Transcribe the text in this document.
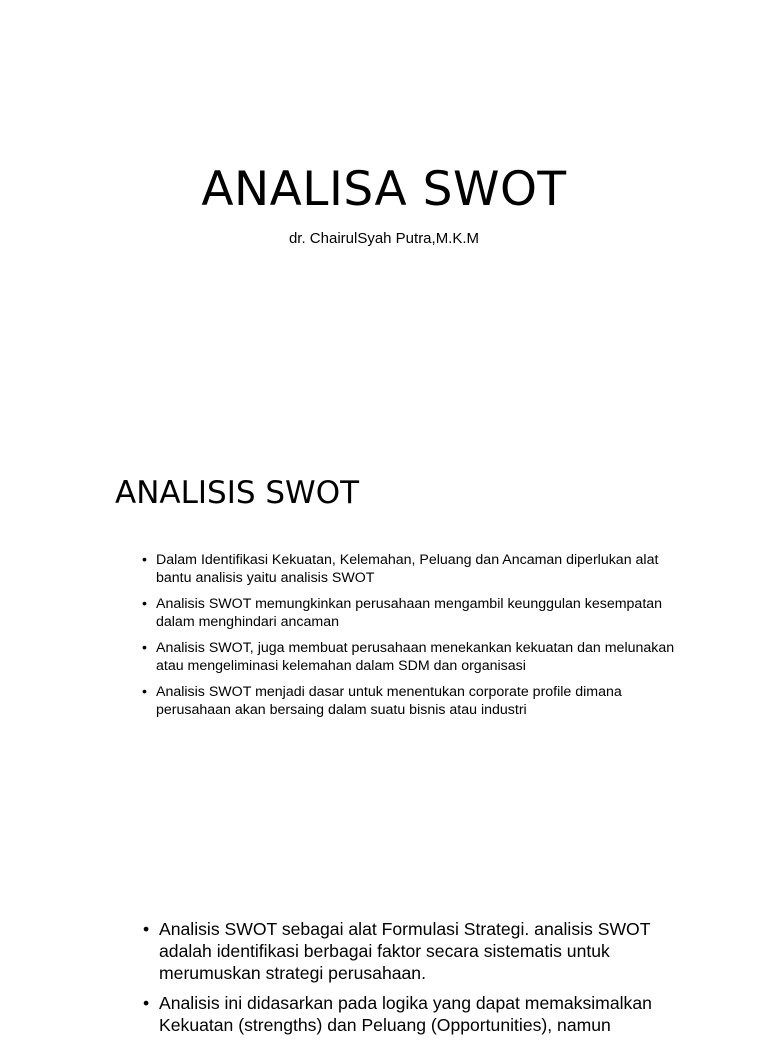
ANALISA SWOT

dr. ChairulSyah Putra,M.K.M

ANALISIS SWOT
• Dalam Identifikasi Kekuatan, Kelemahan, Peluang dan Ancaman diperlukan alat bantu analisis yaitu analisis SWOT
• Analisis SWOT memungkinkan perusahaan mengambil keunggulan kesempatan dalam menghindari ancaman
• Analisis SWOT, juga membuat perusahaan menekankan kekuatan dan melunakan atau mengeliminasi kelemahan dalam SDM dan organisasi
• Analisis SWOT menjadi dasar untuk menentukan corporate profile dimana perusahaan akan bersaing dalam suatu bisnis atau industri
• Analisis SWOT sebagai alat Formulasi Strategi. analisis SWOT adalah identifikasi berbagai faktor secara sistematis untuk merumuskan strategi perusahaan.
• Analisis ini didasarkan pada logika yang dapat memaksimalkan Kekuatan (strengths) dan Peluang (Opportunities), namun
